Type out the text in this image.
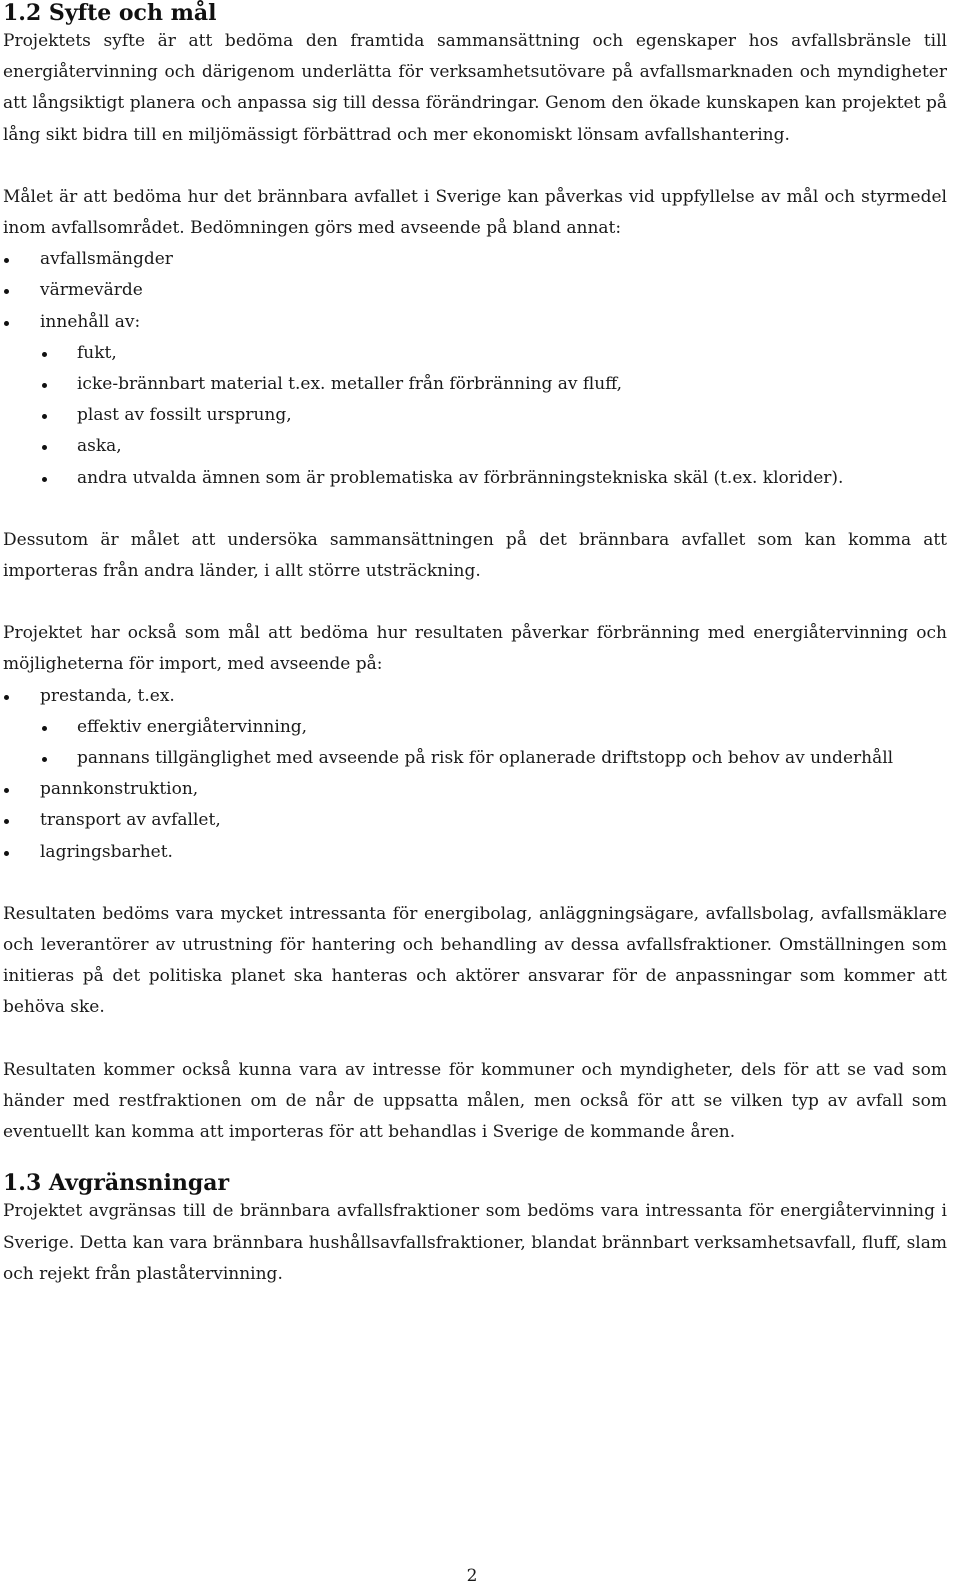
1.2 Syfte och mål

Projektets syfte är att bedöma den framtida sammansättning och egenskaper hos avfallsbränsle till energiåtervinning och därigenom underlätta för verksamhetsutövare på avfallsmarknaden och myndigheter att långsiktigt planera och anpassa sig till dessa förändringar. Genom den ökade kunskapen kan projektet på lång sikt bidra till en miljömässigt förbättrad och mer ekonomiskt lönsam avfallshantering.

Målet är att bedöma hur det brännbara avfallet i Sverige kan påverkas vid uppfyllelse av mål och styrmedel inom avfallsområdet. Bedömningen görs med avseende på bland annat:

avfallsmängder
värmevärde
innehåll av:
fukt,
icke-brännbart material t.ex. metaller från förbränning av fluff,
plast av fossilt ursprung,
aska,
andra utvalda ämnen som är problematiska av förbränningstekniska skäl (t.ex. klorider).

Dessutom är målet att undersöka sammansättningen på det brännbara avfallet som kan komma att importeras från andra länder, i allt större utsträckning.

Projektet har också som mål att bedöma hur resultaten påverkar förbränning med energiåtervinning och möjligheterna för import, med avseende på:

prestanda, t.ex.
effektiv energiåtervinning,
pannans tillgänglighet med avseende på risk för oplanerade driftstopp och behov av underhåll
pannkonstruktion,
transport av avfallet,
lagringsbarhet.

Resultaten bedöms vara mycket intressanta för energibolag, anläggningsägare, avfallsbolag, avfallsmäklare och leverantörer av utrustning för hantering och behandling av dessa avfallsfraktioner. Omställningen som initieras på det politiska planet ska hanteras och aktörer ansvarar för de anpassningar som kommer att behöva ske.

Resultaten kommer också kunna vara av intresse för kommuner och myndigheter, dels för att se vad som händer med restfraktionen om de når de uppsatta målen, men också för att se vilken typ av avfall som eventuellt kan komma att importeras för att behandlas i Sverige de kommande åren.

1.3 Avgränsningar

Projektet avgränsas till de brännbara avfallsfraktioner som bedöms vara intressanta för energiåtervinning i Sverige. Detta kan vara brännbara hushållsavfallsfraktioner, blandat brännbart verksamhetsavfall, fluff, slam och rejekt från plaståtervinning.

2
